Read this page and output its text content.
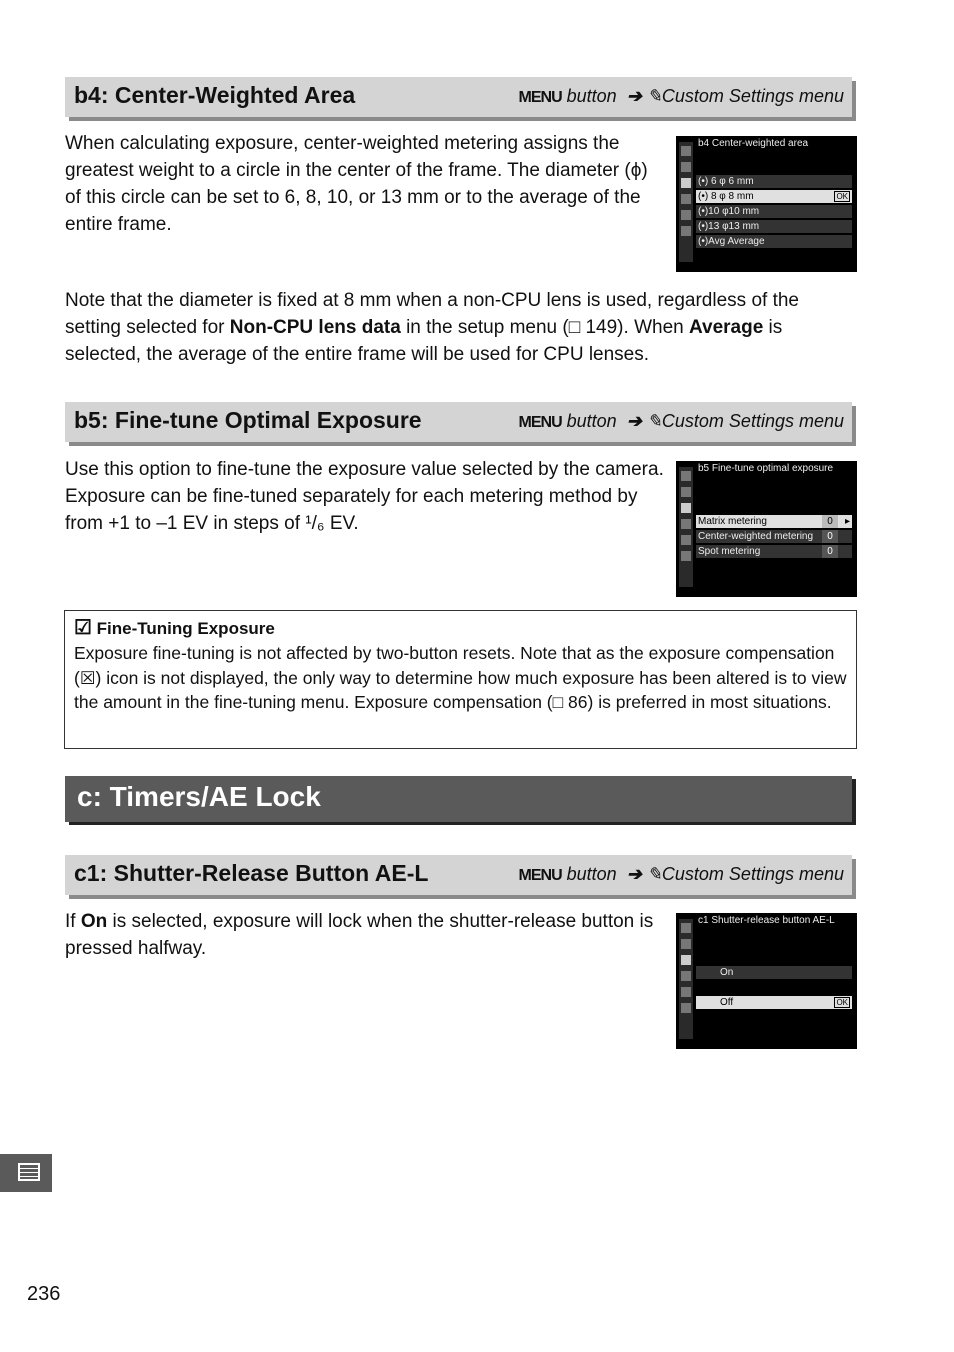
b4: Center-Weighted Area	MENU button ➔ ✎Custom Settings menu
When calculating exposure, center-weighted metering assigns the greatest weight to a circle in the center of the frame. The diameter (ϕ) of this circle can be set to 6, 8, 10, or 13 mm or to the average of the entire frame.
b4 Center-weighted area
(•) 6 φ 6 mm
(•) 8 φ 8 mm	OK
(•)10 φ10 mm
(•)13 φ13 mm
(•)Avg Average
Note that the diameter is fixed at 8 mm when a non-CPU lens is used, regardless of the setting selected for Non-CPU lens data in the setup menu (□ 149). When Average is selected, the average of the entire frame will be used for CPU lenses.
b5: Fine-tune Optimal Exposure	MENU button ➔ ✎Custom Settings menu
Use this option to fine-tune the exposure value selected by the camera. Exposure can be fine-tuned separately for each metering method by from +1 to –1 EV in steps of ¹/₆ EV.
b5 Fine-tune optimal exposure
Matrix metering	0	▸
Center-weighted metering	0
Spot metering	0
☑ Fine-Tuning Exposure
Exposure fine-tuning is not affected by two-button resets. Note that as the exposure compensation (☒) icon is not displayed, the only way to determine how much exposure has been altered is to view the amount in the fine-tuning menu. Exposure compensation (□ 86) is preferred in most situations.
c: Timers/AE Lock
c1: Shutter-Release Button AE-L	MENU button ➔ ✎Custom Settings menu
If On is selected, exposure will lock when the shutter-release button is pressed halfway.
c1 Shutter-release button AE-L
On
Off	OK
236
